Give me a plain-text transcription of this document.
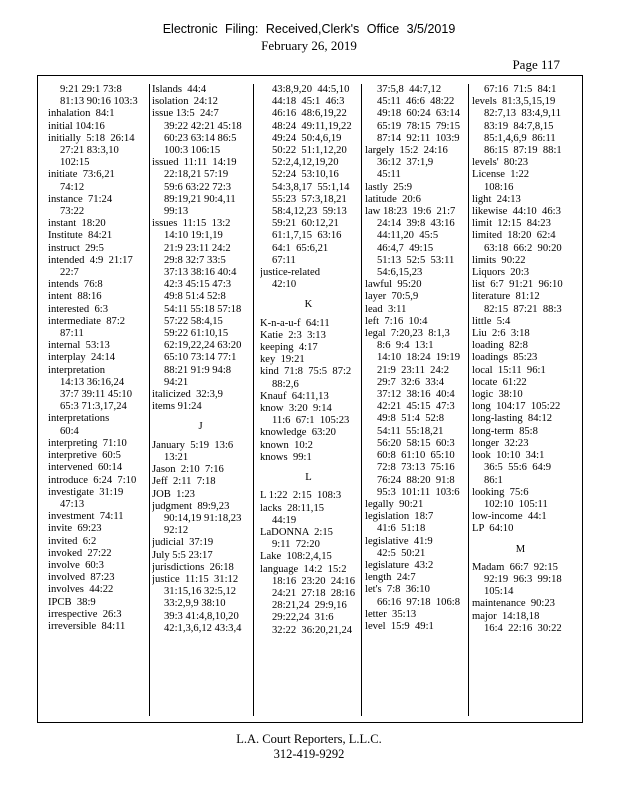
Electronic Filing: Received,Clerk's Office 3/5/2019
February 26, 2019
Page 117
9:21 29:1 73:8
81:13 90:16 103:3
inhalation  84:1
initial 104:16
initially  5:18  26:14
27:21 83:3,10
102:15
initiate  73:6,21
74:12
instance  71:24
73:22
instant  18:20
Institute  84:21
instruct  29:5
intended  4:9  21:17
22:7
intends  76:8
intent  88:16
interested  6:3
intermediate  87:2
87:11
internal  53:13
interplay  24:14
interpretation
14:13 36:16,24
37:7 39:11 45:10
65:3 71:3,17,24
interpretations
60:4
interpreting  71:10
interpretive  60:5
intervened  60:14
introduce  6:24  7:10
investigate  31:19
47:13
investment  74:11
invite  69:23
invited  6:2
invoked  27:22
involve  60:3
involved  87:23
involves  44:22
IPCB  38:9
irrespective  26:3
irreversible  84:11
Islands  44:4
isolation  24:12
issue 13:5  24:7
39:22 42:21 45:18
60:23 63:14 86:5
100:3 106:15
issued  11:11  14:19
22:18,21 57:19
59:6 63:22 72:3
89:19,21 90:4,11
99:13
issues  11:15  13:2
14:10 19:1,19
21:9 23:11 24:2
29:8 32:7 33:5
37:13 38:16 40:4
42:3 45:15 47:3
49:8 51:4 52:8
54:11 55:18 57:18
57:22 58:4,15
59:22 61:10,15
62:19,22,24 63:20
65:10 73:14 77:1
88:21 91:9 94:8
94:21
italicized  32:3,9
items 91:24
J
January  5:19  13:6
13:21
Jason  2:10  7:16
Jeff  2:11  7:18
JOB  1:23
judgment  89:9,23
90:14,19 91:18,23
92:12
judicial  37:19
July 5:5 23:17
jurisdictions  26:18
justice  11:15  31:12
31:15,16 32:5,12
33:2,9,9 38:10
39:3 41:4,8,10,20
42:1,3,6,12 43:3,4
43:8,9,20  44:5,10
44:18  45:1  46:3
46:16  48:6,19,22
48:24  49:11,19,22
49:24  50:4,6,19
50:22  51:1,12,20
52:2,4,12,19,20
52:24  53:10,16
54:3,8,17  55:1,14
55:23  57:3,18,21
58:4,12,23  59:13
59:21  60:12,21
61:1,7,15  63:16
64:1  65:6,21
67:11
justice-related
42:10
K
K-n-a-u-f  64:11
Katie  2:3  3:13
keeping  4:17
key  19:21
kind  71:8  75:5  87:2
88:2,6
Knauf  64:11,13
know  3:20  9:14
11:6  67:1  105:23
knowledge  63:20
known  10:2
knows  99:1
L
L 1:22  2:15  108:3
lacks  28:11,15
44:19
LaDONNA  2:15
9:11  72:20
Lake  108:2,4,15
language  14:2  15:2
18:16  23:20  24:16
24:21  27:18  28:16
28:21,24  29:9,16
29:22,24  31:6
32:22  36:20,21,24
37:5,8  44:7,12
45:11  46:6  48:22
49:18  60:24  63:14
65:19  78:15  79:15
87:14  92:11  103:9
largely  15:2  24:16
36:12  37:1,9
45:11
lastly  25:9
latitude  20:6
law 18:23  19:6  21:7
24:14  39:8  43:16
44:11,20  45:5
46:4,7  49:15
51:13  52:5  53:11
54:6,15,23
lawful  95:20
layer  70:5,9
lead  3:11
left  7:16  10:4
legal  7:20,23  8:1,3
8:6  9:4  13:1
14:10  18:24  19:19
21:9  23:11  24:2
29:7  32:6  33:4
37:12  38:16  40:4
42:21  45:15  47:3
49:8  51:4  52:8
54:11  55:18,21
56:20  58:15  60:3
60:8  61:10  65:10
72:8  73:13  75:16
76:24  88:20  91:8
95:3  101:11  103:6
legally  90:21
legislation  18:7
41:6  51:18
legislative  41:9
42:5  50:21
legislature  43:2
length  24:7
let's  7:8  36:10
66:16  97:18  106:8
letter  35:13
level  15:9  49:1
67:16  71:5  84:1
levels  81:3,5,15,19
82:7,13  83:4,9,11
83:19  84:7,8,15
85:1,4,6,9  86:11
86:15  87:19  88:1
levels'  80:23
License  1:22
108:16
light  24:13
likewise  44:10  46:3
limit  12:15  84:23
limited  18:20  62:4
63:18  66:2  90:20
limits  90:22
Liquors  20:3
list  6:7  91:21  96:10
literature  81:12
82:15  87:21  88:3
little  5:4
Liu  2:6  3:18
loading  82:8
loadings  85:23
local  15:11  96:1
locate  61:22
logic  38:10
long  104:17  105:22
long-lasting  84:12
long-term  85:8
longer  32:23
look  10:10  34:1
36:5  55:6  64:9
86:1
looking  75:6
102:10  105:11
low-income  44:1
LP  64:10
M
Madam  66:7  92:15
92:19  96:3  99:18
105:14
maintenance  90:23
major  14:18,18
16:4  22:16  30:22
L.A. Court Reporters, L.L.C.
312-419-9292
